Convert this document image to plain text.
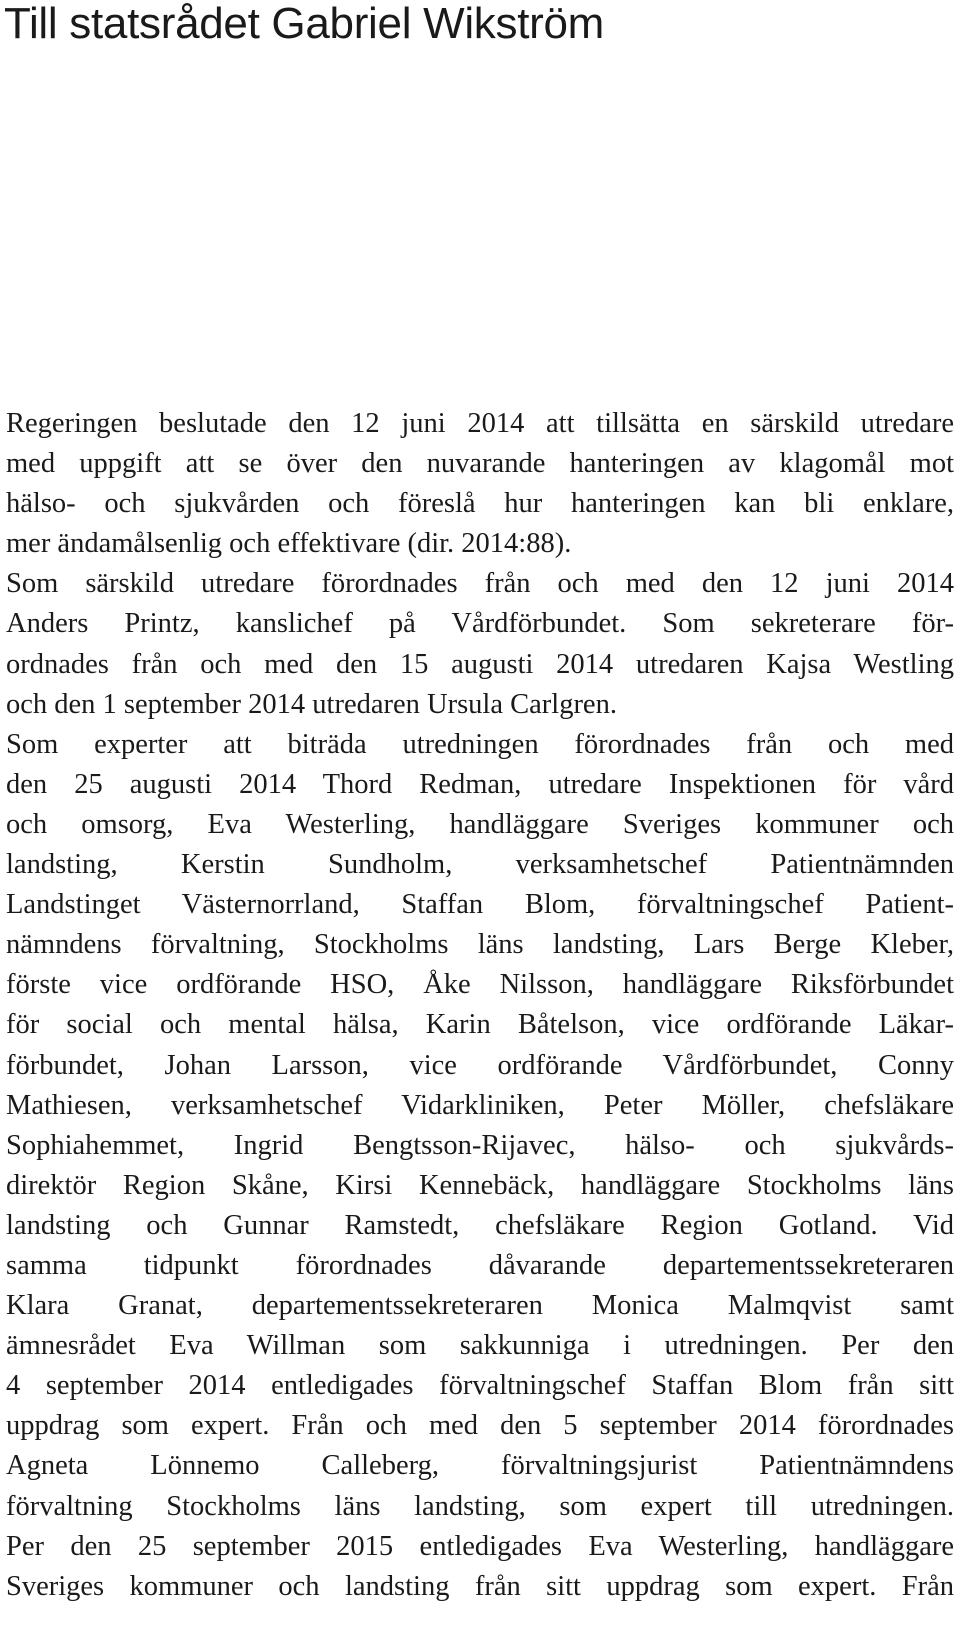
Till statsrådet Gabriel Wikström
Regeringen beslutade den 12 juni 2014 att tillsätta en särskild utredare
med uppgift att se över den nuvarande hanteringen av klagomål mot
hälso- och sjukvården och föreslå hur hanteringen kan bli enklare,
mer ändamålsenlig och effektivare (dir. 2014:88).
Som särskild utredare förordnades från och med den 12 juni 2014
Anders Printz, kanslichef på Vårdförbundet. Som sekreterare för-
ordnades från och med den 15 augusti 2014 utredaren Kajsa Westling
och den 1 september 2014 utredaren Ursula Carlgren.
Som experter att biträda utredningen förordnades från och med
den 25 augusti 2014 Thord Redman, utredare Inspektionen för vård
och omsorg, Eva Westerling, handläggare Sveriges kommuner och
landsting, Kerstin Sundholm, verksamhetschef Patientnämnden
Landstinget Västernorrland, Staffan Blom, förvaltningschef Patient-
nämndens förvaltning, Stockholms läns landsting, Lars Berge Kleber,
förste vice ordförande HSO, Åke Nilsson, handläggare Riksförbundet
för social och mental hälsa, Karin Båtelson, vice ordförande Läkar-
förbundet, Johan Larsson, vice ordförande Vårdförbundet, Conny
Mathiesen, verksamhetschef Vidarkliniken, Peter Möller, chefsläkare
Sophiahemmet, Ingrid Bengtsson-Rijavec, hälso- och sjukvårds-
direktör Region Skåne, Kirsi Kennebäck, handläggare Stockholms läns
landsting och Gunnar Ramstedt, chefsläkare Region Gotland. Vid
samma tidpunkt förordnades dåvarande departementssekreteraren
Klara Granat, departementssekreteraren Monica Malmqvist samt
ämnesrådet Eva Willman som sakkunniga i utredningen. Per den
4 september 2014 entledigades förvaltningschef Staffan Blom från sitt
uppdrag som expert. Från och med den 5 september 2014 förordnades
Agneta Lönnemo Calleberg, förvaltningsjurist Patientnämndens
förvaltning Stockholms läns landsting, som expert till utredningen.
Per den 25 september 2015 entledigades Eva Westerling, handläggare
Sveriges kommuner och landsting från sitt uppdrag som expert. Från
